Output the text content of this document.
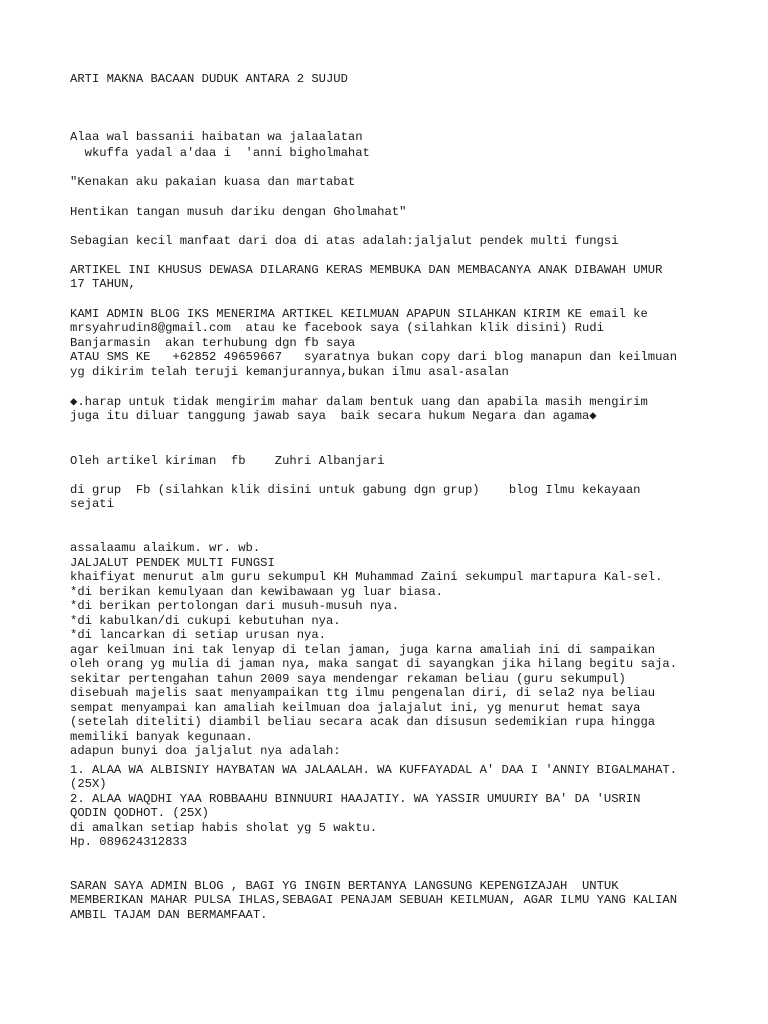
ARTI MAKNA BACAAN DUDUK ANTARA 2 SUJUD

Alaa wal bassanii haibatan wa jalaalatan

wkuffa yadal a'daa i  'anni bigholmahat

"Kenakan aku pakaian kuasa dan martabat

Hentikan tangan musuh dariku dengan Gholmahat"

Sebagian kecil manfaat dari doa di atas adalah:jaljalut pendek multi fungsi

ARTIKEL INI KHUSUS DEWASA DILARANG KERAS MEMBUKA DAN MEMBACANYA ANAK DIBAWAH UMUR

17 TAHUN,

KAMI ADMIN BLOG IKS MENERIMA ARTIKEL KEILMUAN APAPUN SILAHKAN KIRIM KE email ke

mrsyahrudin8@gmail.com  atau ke facebook saya (silahkan klik disini) Rudi

Banjarmasin  akan terhubung dgn fb saya

ATAU SMS KE   +62852 49659667   syaratnya bukan copy dari blog manapun dan keilmuan

yg dikirim telah teruji kemanjurannya,bukan ilmu asal-asalan

◆.harap untuk tidak mengirim mahar dalam bentuk uang dan apabila masih mengirim

juga itu diluar tanggung jawab saya  baik secara hukum Negara dan agama◆

Oleh artikel kiriman  fb    Zuhri Albanjari

di grup  Fb (silahkan klik disini untuk gabung dgn grup)    blog Ilmu kekayaan

sejati

assalaamu alaikum. wr. wb.

JALJALUT PENDEK MULTI FUNGSI

khaifiyat menurut alm guru sekumpul KH Muhammad Zaini sekumpul martapura Kal-sel.

*di berikan kemulyaan dan kewibawaan yg luar biasa.

*di berikan pertolongan dari musuh-musuh nya.

*di kabulkan/di cukupi kebutuhan nya.

*di lancarkan di setiap urusan nya.

agar keilmuan ini tak lenyap di telan jaman, juga karna amaliah ini di sampaikan

oleh orang yg mulia di jaman nya, maka sangat di sayangkan jika hilang begitu saja.

sekitar pertengahan tahun 2009 saya mendengar rekaman beliau (guru sekumpul)

disebuah majelis saat menyampaikan ttg ilmu pengenalan diri, di sela2 nya beliau

sempat menyampai kan amaliah keilmuan doa jalajalut ini, yg menurut hemat saya

(setelah diteliti) diambil beliau secara acak dan disusun sedemikian rupa hingga

memiliki banyak kegunaan.

adapun bunyi doa jaljalut nya adalah:

1. ALAA WA ALBISNIY HAYBATAN WA JALAALAH. WA KUFFAYADAL A' DAA I 'ANNIY BIGALMAHAT.

(25X)

2. ALAA WAQDHI YAA ROBBAAHU BINNUURI HAAJATIY. WA YASSIR UMUURIY BA' DA 'USRIN

QODIN QODHOT. (25X)

di amalkan setiap habis sholat yg 5 waktu.

Hp. 089624312833

SARAN SAYA ADMIN BLOG , BAGI YG INGIN BERTANYA LANGSUNG KEPENGIZAJAH  UNTUK

MEMBERIKAN MAHAR PULSA IHLAS,SEBAGAI PENAJAM SEBUAH KEILMUAN, AGAR ILMU YANG KALIAN

AMBIL TAJAM DAN BERMAMFAAT.
